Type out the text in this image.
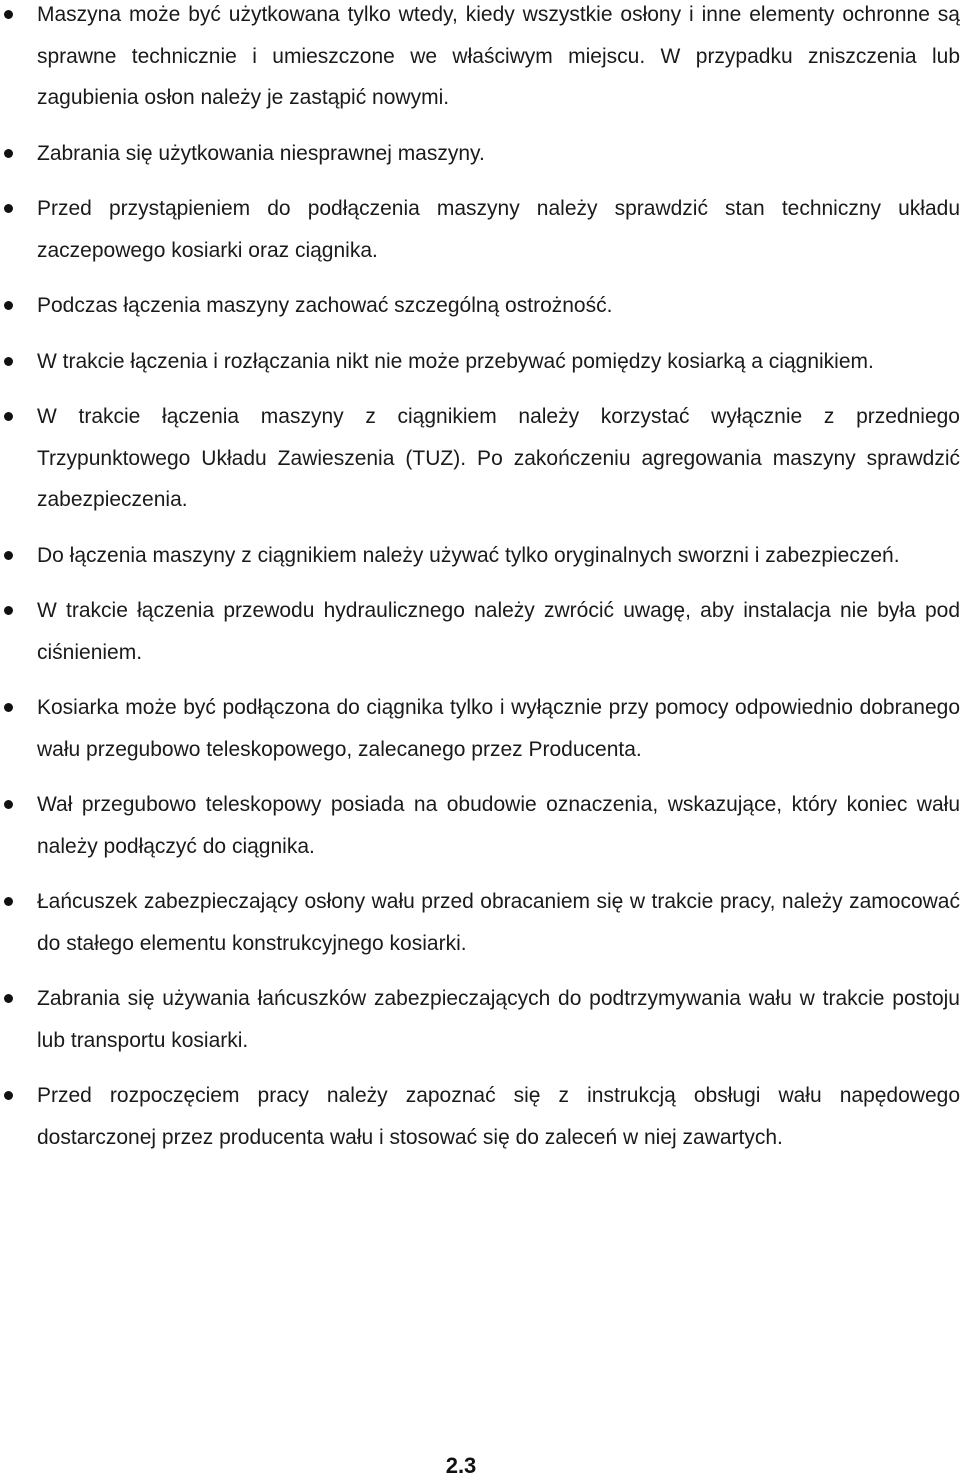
Maszyna może być użytkowana tylko wtedy, kiedy wszystkie osłony i inne elementy ochronne są sprawne technicznie i umieszczone we właściwym miejscu. W przypadku zniszczenia lub zagubienia osłon należy je zastąpić nowymi.
Zabrania się użytkowania niesprawnej maszyny.
Przed przystąpieniem do podłączenia maszyny należy sprawdzić stan techniczny układu zaczepowego kosiarki oraz ciągnika.
Podczas łączenia maszyny zachować szczególną ostrożność.
W trakcie łączenia i rozłączania nikt nie może przebywać pomiędzy kosiarką a ciągnikiem.
W trakcie łączenia maszyny z ciągnikiem należy korzystać wyłącznie z przedniego Trzypunktowego Układu Zawieszenia (TUZ). Po zakończeniu agregowania maszyny sprawdzić zabezpieczenia.
Do łączenia maszyny z ciągnikiem należy używać tylko oryginalnych sworzni i zabezpieczeń.
W trakcie łączenia przewodu hydraulicznego należy zwrócić uwagę, aby instalacja nie była pod ciśnieniem.
Kosiarka może być podłączona do ciągnika tylko i wyłącznie przy pomocy odpowiednio dobranego wału przegubowo teleskopowego, zalecanego przez Producenta.
Wał przegubowo teleskopowy posiada na obudowie oznaczenia, wskazujące, który koniec wału należy podłączyć do ciągnika.
Łańcuszek zabezpieczający osłony wału przed obracaniem się w trakcie pracy, należy zamocować do stałego elementu konstrukcyjnego kosiarki.
Zabrania się używania łańcuszków zabezpieczających do podtrzymywania wału w trakcie postoju lub transportu kosiarki.
Przed rozpoczęciem pracy należy zapoznać się z instrukcją obsługi wału napędowego dostarczonej przez producenta wału i stosować się do zaleceń w niej zawartych.
2.3
